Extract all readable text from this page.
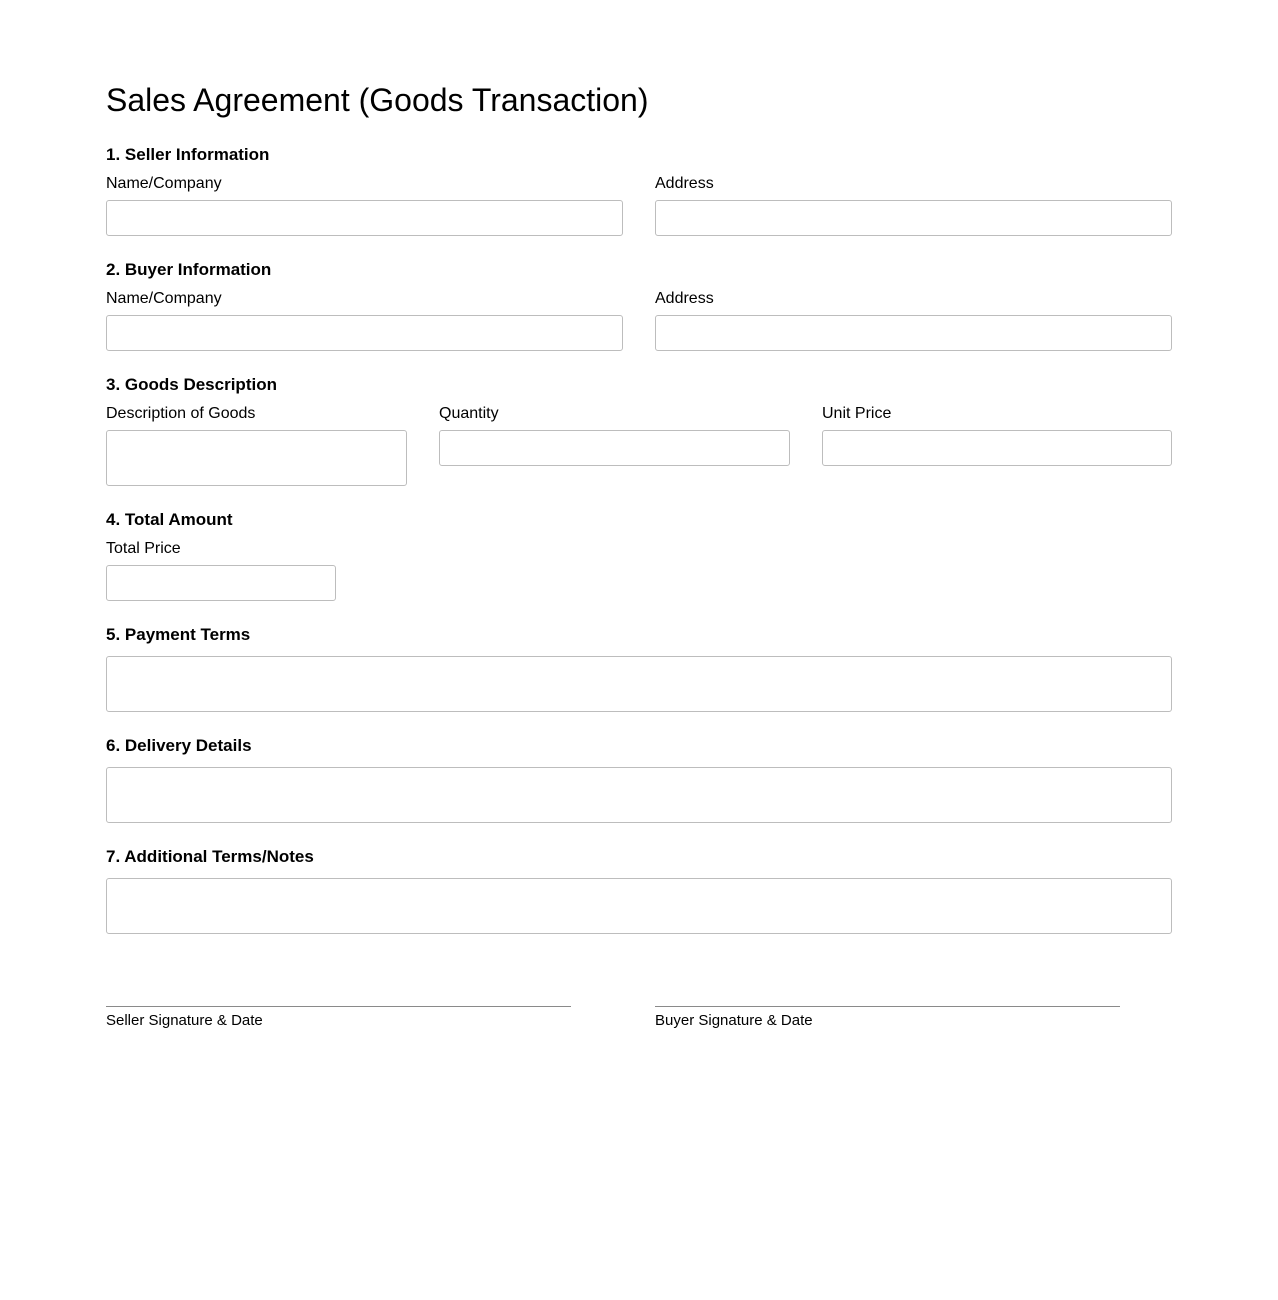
Sales Agreement (Goods Transaction)
1. Seller Information
Name/Company	Address
2. Buyer Information
Name/Company	Address
3. Goods Description
Description of Goods	Quantity	Unit Price
4. Total Amount
Total Price
5. Payment Terms
6. Delivery Details
7. Additional Terms/Notes
Seller Signature & Date	Buyer Signature & Date
